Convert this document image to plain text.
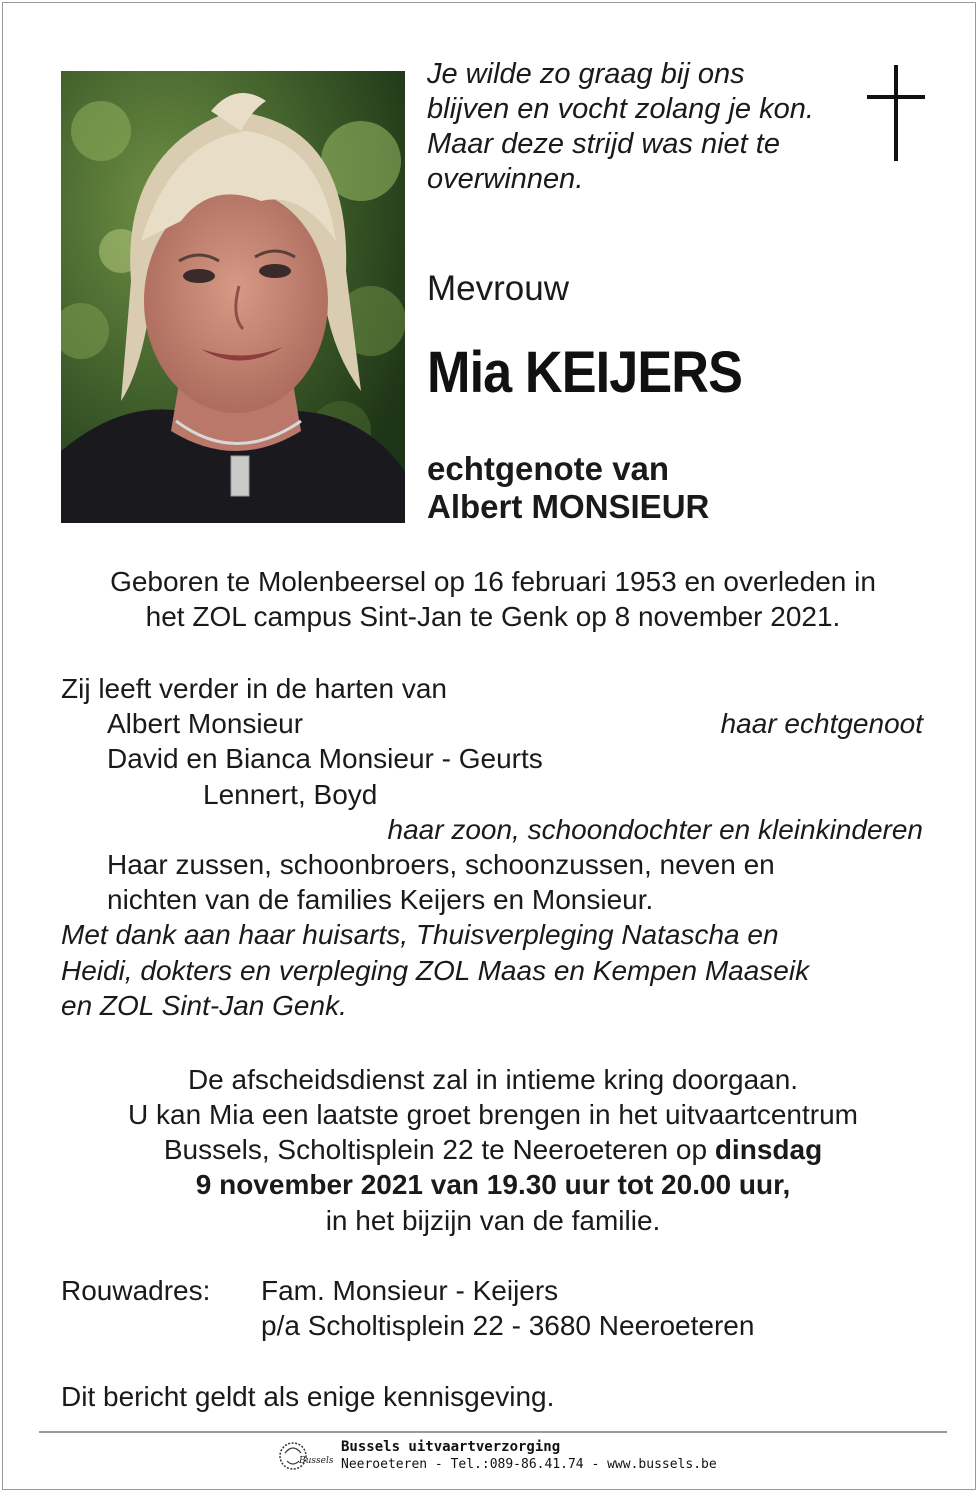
Je wilde zo graag bij ons
blijven en vocht zolang je kon.
Maar deze strijd was niet te
overwinnen.
Mevrouw
Mia KEIJERS
echtgenote van
Albert MONSIEUR
Geboren te Molenbeersel op 16 februari 1953 en overleden in
het ZOL campus Sint-Jan te Genk op 8 november 2021.
Zij leeft verder in de harten van
Albert Monsieur	haar echtgenoot
David en Bianca Monsieur - Geurts
Lennert, Boyd
haar zoon, schoondochter en kleinkinderen
Haar zussen, schoonbroers, schoonzussen, neven en
nichten van de families Keijers en Monsieur.
Met dank aan haar huisarts, Thuisverpleging Natascha en
Heidi, dokters en verpleging ZOL Maas en Kempen Maaseik
en ZOL Sint-Jan Genk.
De afscheidsdienst zal in intieme kring doorgaan.
U kan Mia een laatste groet brengen in het uitvaartcentrum
Bussels, Scholtisplein 22 te Neeroeteren op dinsdag
9 november 2021 van 19.30 uur tot 20.00 uur,
in het bijzijn van de familie.
Rouwadres: Fam. Monsieur - Keijers
p/a Scholtisplein 22 - 3680 Neeroeteren
Dit bericht geldt als enige kennisgeving.
Bussels
Bussels uitvaartverzorging
Neeroeteren - Tel.:089-86.41.74 - www.bussels.be
